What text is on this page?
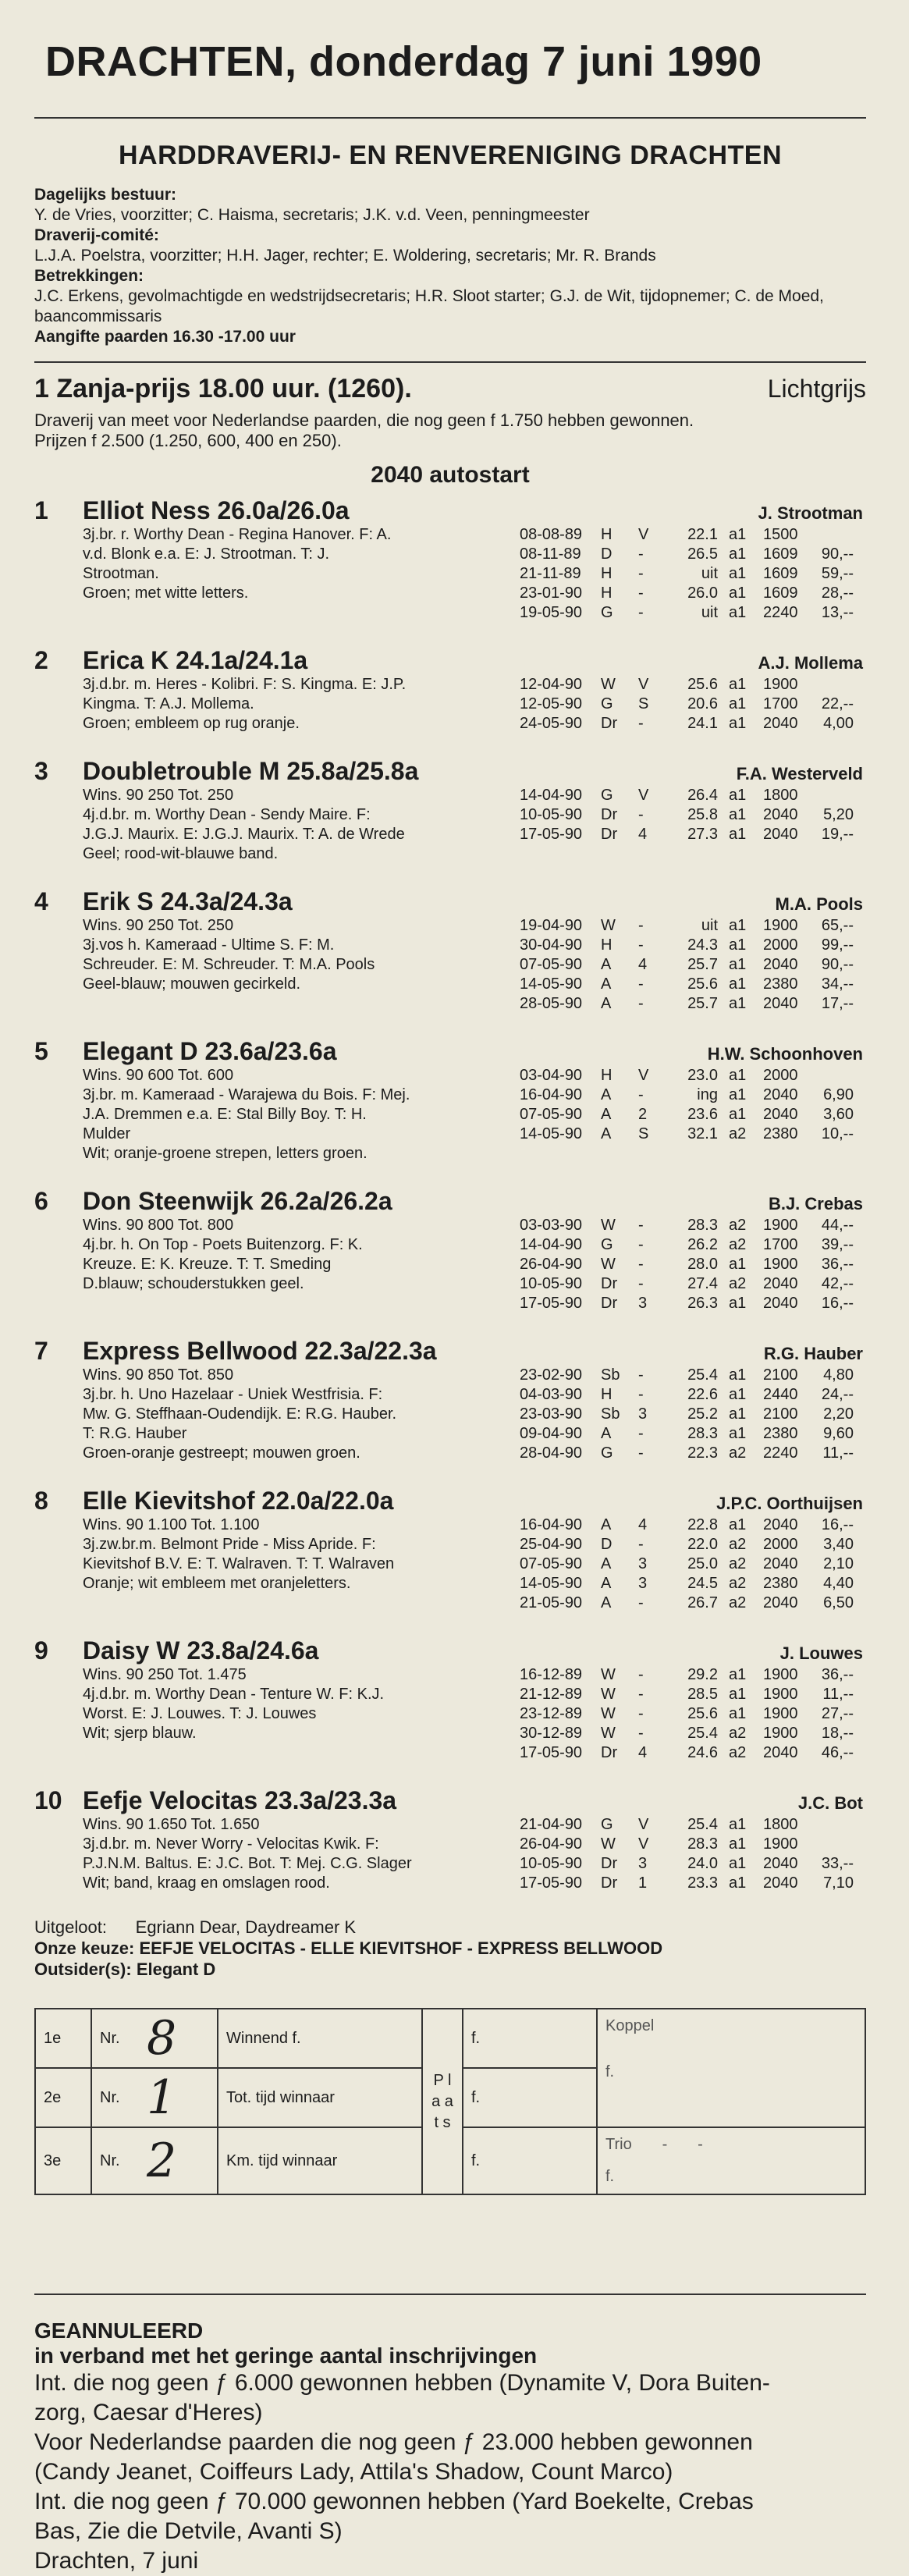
DRACHTEN, donderdag 7 juni 1990
HARDDRAVERIJ- EN RENVERENIGING DRACHTEN
Dagelijks bestuur:
Y. de Vries, voorzitter; C. Haisma, secretaris; J.K. v.d. Veen, penningmeester
Draverij-comité:
L.J.A. Poelstra, voorzitter; H.H. Jager, rechter; E. Woldering, secretaris; Mr. R. Brands
Betrekkingen:
J.C. Erkens, gevolmachtigde en wedstrijdsecretaris; H.R. Sloot starter; G.J. de Wit, tijdopnemer; C. de Moed, baancommissaris
Aangifte paarden 16.30 -17.00 uur
1 Zanja-prijs 18.00 uur. (1260).	Lichtgrijs
Draverij van meet voor Nederlandse paarden, die nog geen f 1.750 hebben gewonnen.
Prijzen f 2.500 (1.250, 600, 400 en 250).
2040 autostart
1 Elliot Ness 26.0a/26.0a	J. Strootman
3j.br. r. Worthy Dean - Regina Hanover. F: A.
v.d. Blonk e.a. E: J. Strootman. T: J.
Strootman.
Groen; met witte letters.
08-08-89	H	V	22.1 a1	1500
08-11-89	D	-	26.5 a1	1609	90,--
21-11-89	H	-	uit a1	1609	59,--
23-01-90	H	-	26.0 a1	1609	28,--
19-05-90	G	-	uit a1	2240	13,--
2 Erica K 24.1a/24.1a	A.J. Mollema
3j.d.br. m. Heres - Kolibri. F: S. Kingma. E: J.P.
Kingma. T: A.J. Mollema.
Groen; embleem op rug oranje.
12-04-90	W	V	25.6 a1	1900
12-05-90	G	S	20.6 a1	1700	22,--
24-05-90	Dr	-	24.1 a1	2040	4,00
3 Doubletrouble M 25.8a/25.8a	F.A. Westerveld
Wins. 90 250 Tot. 250
4j.d.br. m. Worthy Dean - Sendy Maire. F:
J.G.J. Maurix. E: J.G.J. Maurix. T: A. de Wrede
Geel; rood-wit-blauwe band.
14-04-90	G	V	26.4 a1	1800
10-05-90	Dr	-	25.8 a1	2040	5,20
17-05-90	Dr	4	27.3 a1	2040	19,--
4 Erik S 24.3a/24.3a	M.A. Pools
Wins. 90 250 Tot. 250
3j.vos h. Kameraad - Ultime S. F: M.
Schreuder. E: M. Schreuder. T: M.A. Pools
Geel-blauw; mouwen gecirkeld.
19-04-90	W	-	uit a1	1900	65,--
30-04-90	H	-	24.3 a1	2000	99,--
07-05-90	A	4	25.7 a1	2040	90,--
14-05-90	A	-	25.6 a1	2380	34,--
28-05-90	A	-	25.7 a1	2040	17,--
5 Elegant D 23.6a/23.6a	H.W. Schoonhoven
Wins. 90 600 Tot. 600
3j.br. m. Kameraad - Warajewa du Bois. F: Mej.
J.A. Dremmen e.a. E: Stal Billy Boy. T: H.
Mulder
Wit; oranje-groene strepen, letters groen.
03-04-90	H	V	23.0 a1	2000
16-04-90	A	-	ing a1	2040	6,90
07-05-90	A	2	23.6 a1	2040	3,60
14-05-90	A	S	32.1 a2	2380	10,--
6 Don Steenwijk 26.2a/26.2a	B.J. Crebas
Wins. 90 800 Tot. 800
4j.br. h. On Top - Poets Buitenzorg. F: K.
Kreuze. E: K. Kreuze. T: T. Smeding
D.blauw; schouderstukken geel.
03-03-90	W	-	28.3 a2	1900	44,--
14-04-90	G	-	26.2 a2	1700	39,--
26-04-90	W	-	28.0 a1	1900	36,--
10-05-90	Dr	-	27.4 a2	2040	42,--
17-05-90	Dr	3	26.3 a1	2040	16,--
7 Express Bellwood 22.3a/22.3a	R.G. Hauber
Wins. 90 850 Tot. 850
3j.br. h. Uno Hazelaar - Uniek Westfrisia. F:
Mw. G. Steffhaan-Oudendijk. E: R.G. Hauber.
T: R.G. Hauber
Groen-oranje gestreept; mouwen groen.
23-02-90	Sb	-	25.4 a1	2100	4,80
04-03-90	H	-	22.6 a1	2440	24,--
23-03-90	Sb	3	25.2 a1	2100	2,20
09-04-90	A	-	28.3 a1	2380	9,60
28-04-90	G	-	22.3 a2	2240	11,--
8 Elle Kievitshof 22.0a/22.0a	J.P.C. Oorthuijsen
Wins. 90 1.100 Tot. 1.100
3j.zw.br.m. Belmont Pride - Miss Apride. F:
Kievitshof B.V. E: T. Walraven. T: T. Walraven
Oranje; wit embleem met oranjeletters.
16-04-90	A	4	22.8 a1	2040	16,--
25-04-90	D	-	22.0 a2	2000	3,40
07-05-90	A	3	25.0 a2	2040	2,10
14-05-90	A	3	24.5 a2	2380	4,40
21-05-90	A	-	26.7 a2	2040	6,50
9 Daisy W 23.8a/24.6a	J. Louwes
Wins. 90 250 Tot. 1.475
4j.d.br. m. Worthy Dean - Tenture W. F: K.J.
Worst. E: J. Louwes. T: J. Louwes
Wit; sjerp blauw.
16-12-89	W	-	29.2 a1	1900	36,--
21-12-89	W	-	28.5 a1	1900	11,--
23-12-89	W	-	25.6 a1	1900	27,--
30-12-89	W	-	25.4 a2	1900	18,--
17-05-90	Dr	4	24.6 a2	2040	46,--
10 Eefje Velocitas 23.3a/23.3a	J.C. Bot
Wins. 90 1.650 Tot. 1.650
3j.d.br. m. Never Worry - Velocitas Kwik. F:
P.J.N.M. Baltus. E: J.C. Bot. T: Mej. C.G. Slager
Wit; band, kraag en omslagen rood.
21-04-90	G	V	25.4 a1	1800
26-04-90	W	V	28.3 a1	1900
10-05-90	Dr	3	24.0 a1	2040	33,--
17-05-90	Dr	1	23.3 a1	2040	7,10
Uitgeloot: Egriann Dear, Daydreamer K
Onze keuze: EEFJE VELOCITAS - ELLE KIEVITSHOF - EXPRESS BELLWOOD
Outsider(s): Elegant D
1e	Nr.	8	Winnend f.	P l a a t s	f.	Koppel
f.

2e	Nr.	1	Tot. tijd winnaar		f.	
3e	Nr.	2	Km. tijd winnaar		f.	Trio       -       -
f.
GEANNULEERD
in verband met het geringe aantal inschrijvingen
Int. die nog geen ƒ 6.000 gewonnen hebben (Dynamite V, Dora Buiten-
zorg, Caesar d'Heres)
Voor Nederlandse paarden die nog geen ƒ 23.000 hebben gewonnen
(Candy Jeanet, Coiffeurs Lady, Attila's Shadow, Count Marco)
Int. die nog geen ƒ 70.000 gewonnen hebben (Yard Boekelte, Crebas
Bas, Zie die Detvile, Avanti S)
Drachten, 7 juni
